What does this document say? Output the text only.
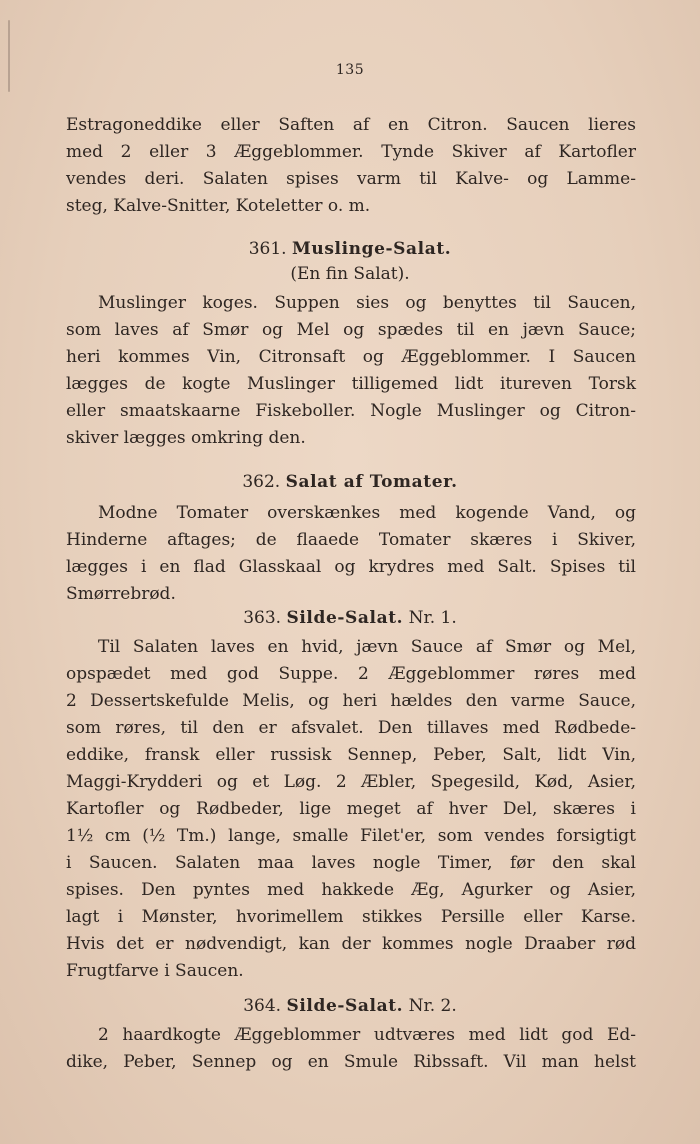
135

Estragoneddike eller Saften af en Citron. Saucen lieres

med 2 eller 3 Æggeblommer. Tynde Skiver af Kartofler

vendes deri. Salaten spises varm til Kalve- og Lamme-

steg, Kalve-Snitter, Koteletter o. m.

361. Muslinge-Salat.
(En fin Salat).

Muslinger koges. Suppen sies og benyttes til Saucen,

som laves af Smør og Mel og spædes til en jævn Sauce;

heri kommes Vin, Citronsaft og Æggeblommer. I Saucen

lægges de kogte Muslinger tilligemed lidt itureven Torsk

eller smaatskaarne Fiskeboller. Nogle Muslinger og Citron-

skiver lægges omkring den.

362. Salat af Tomater.

Modne Tomater overskænkes med kogende Vand, og

Hinderne aftages; de flaaede Tomater skæres i Skiver,

lægges i en flad Glasskaal og krydres med Salt. Spises til

Smørrebrød.

363. Silde-Salat. Nr. 1.

Til Salaten laves en hvid, jævn Sauce af Smør og Mel,

opspædet med god Suppe. 2 Æggeblommer røres med

2 Dessertskefulde Melis, og heri hældes den varme Sauce,

som røres, til den er afsvalet. Den tillaves med Rødbede-

eddike, fransk eller russisk Sennep, Peber, Salt, lidt Vin,

Maggi-Krydderi og et Løg. 2 Æbler, Spegesild, Kød, Asier,

Kartofler og Rødbeder, lige meget af hver Del, skæres i

1½ cm (½ Tm.) lange, smalle Filet'er, som vendes forsigtigt

i Saucen. Salaten maa laves nogle Timer, før den skal

spises. Den pyntes med hakkede Æg, Agurker og Asier,

lagt i Mønster, hvorimellem stikkes Persille eller Karse.

Hvis det er nødvendigt, kan der kommes nogle Draaber rød

Frugtfarve i Saucen.

364. Silde-Salat. Nr. 2.

2 haardkogte Æggeblommer udtværes med lidt god Ed-

dike, Peber, Sennep og en Smule Ribssaft. Vil man helst
